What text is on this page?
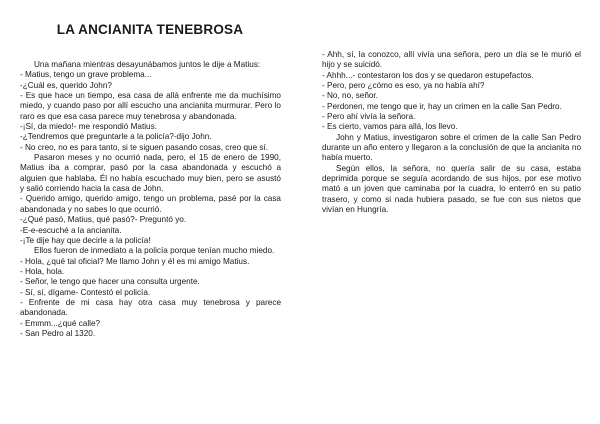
LA ANCIANITA TENEBROSA

Una mañana mientras desayunábamos juntos le dije a Matius:

- Matius, tengo un grave problema...

-¿Cuál es, querido John?

- Es que hace un tiempo, esa casa de allá enfrente me da muchísimo miedo, y cuando paso por allí escucho una ancianita murmurar. Pero lo raro es que esa casa parece muy tenebrosa y abandonada.

-¡Sí, da miedo!- me respondió Matius.

-¿Tendremos que preguntarle a la policía?-dijo John.

- No creo, no es para tanto, si te siguen pasando cosas, creo que sí.

Pasaron meses y no ocurrió nada, pero, el 15 de enero de 1990, Matius iba a comprar, pasó por la casa abandonada y escuchó a alguien que hablaba. Él no había escuchado muy bien, pero se asustó y salió corriendo hacia la casa de John.

- Querido amigo, querido amigo, tengo un problema, pasé por la casa abandonada y no sabes lo que ocurrió.

-¿Qué pasó, Matius, qué pasó?- Preguntó yo.

-E-e-escuché a la ancianita.

-¡Te dije hay que decirle a la policía!

Ellos fueron de inmediato a la policía porque tenían mucho miedo.

- Hola, ¿qué tal oficial? Me llamo John y él es mi amigo Matius.

- Hola, hola.

- Señor, le tengo que hacer una consulta urgente.

- Sí, sí, dígame- Contestó el policía.

- Enfrente de mi casa hay otra casa muy tenebrosa y parece abandonada.

- Emmm...¿qué calle?

- San Pedro al 1320.

- Ahh, sí, la conozco, allí vivía una señora, pero un día se le murió el hijo y se suicidó.

- Ahhh...- contestaron los dos y se quedaron estupefactos.

- Pero, pero ¿cómo es eso, ya no había ahí?

- No, no, señor.

- Perdonen, me tengo que ir, hay un crimen en la calle San Pedro.

- Pero ahí vivía la señora.

- Es cierto, vamos para allá, los llevo.

John y Matius, investigaron sobre el crimen de la calle San Pedro durante un año entero y llegaron a la conclusión de que la ancianita no había muerto.

Según ellos, la señora, no quería salir de su casa, estaba deprimida porque se seguía acordando de sus hijos, por ese motivo mató a un joven que caminaba por la cuadra, lo enterró en su patio trasero, y como si nada hubiera pasado, se fue con sus nietos que vivían en Hungría.
